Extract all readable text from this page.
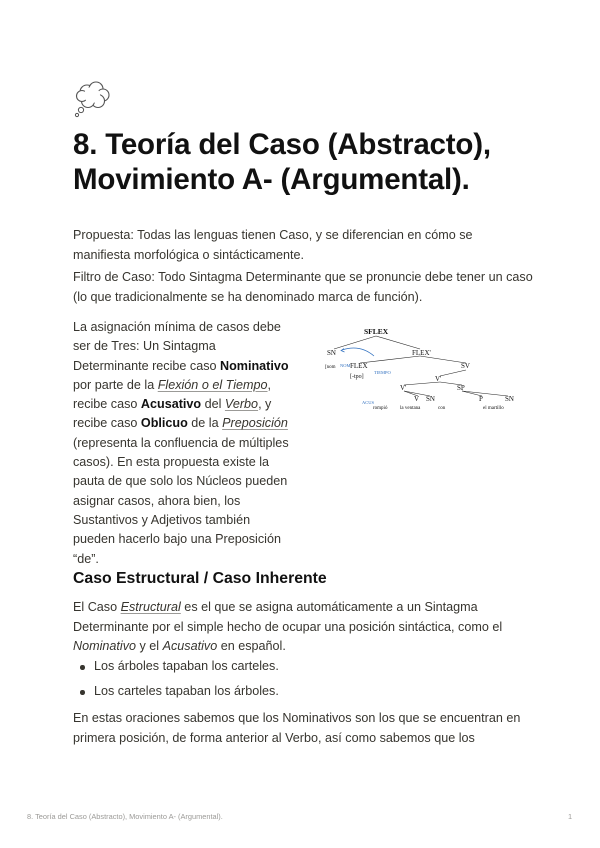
8. Teoría del Caso (Abstracto), Movimiento A- (Argumental).

Propuesta: Todas las lenguas tienen Caso, y se diferencian en cómo se manifiesta morfológica o sintácticamente.

Filtro de Caso: Todo Sintagma Determinante que se pronuncie debe tener un caso (lo que tradicionalmente se ha denominado marca de función).

La asignación mínima de casos debe ser de Tres: Un Sintagma Determinante recibe caso Nominativo por parte de la Flexión o el Tiempo, recibe caso Acusativo del Verbo, y recibe caso Oblicuo de la Preposición (representa la confluencia de múltiples casos). En esta propuesta existe la pauta de que solo los Núcleos pueden asignar casos, ahora bien, los Sustantivos y Adjetivos también pueden hacerlo bajo una Preposición “de”.

SFLEX
SN	FLEX'
[nom NOM FLEX
[-tpo]
TIEMPO
SV
V'
V'	SP
V SN	P	SN
ACUS
rompió	la ventana	con	el martillo
Caso Estructural / Caso Inherente

El Caso Estructural es el que se asigna automáticamente a un Sintagma Determinante por el simple hecho de ocupar una posición sintáctica, como el Nominativo y el Acusativo en español.

Los árboles tapaban los carteles.
Los carteles tapaban los árboles.

En estas oraciones sabemos que los Nominativos son los que se encuentran en primera posición, de forma anterior al Verbo, así como sabemos que los

8. Teoría del Caso (Abstracto), Movimiento A- (Argumental).	1
